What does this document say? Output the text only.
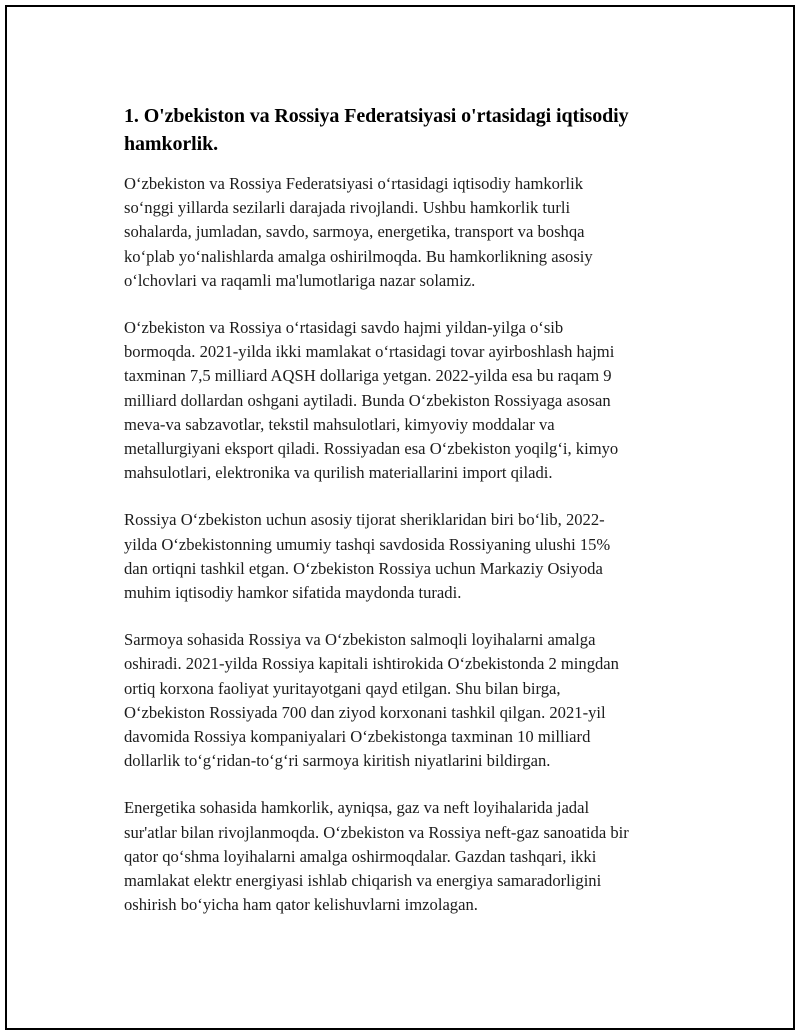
1. O'zbekiston va Rossiya Federatsiyasi o'rtasidagi iqtisodiy
hamkorlik.

O‘zbekiston va Rossiya Federatsiyasi o‘rtasidagi iqtisodiy hamkorlik
so‘nggi yillarda sezilarli darajada rivojlandi. Ushbu hamkorlik turli
sohalarda, jumladan, savdo, sarmoya, energetika, transport va boshqa
ko‘plab yo‘nalishlarda amalga oshirilmoqda. Bu hamkorlikning asosiy
o‘lchovlari va raqamli ma'lumotlariga nazar solamiz.

O‘zbekiston va Rossiya o‘rtasidagi savdo hajmi yildan-yilga o‘sib
bormoqda. 2021-yilda ikki mamlakat o‘rtasidagi tovar ayirboshlash hajmi
taxminan 7,5 milliard AQSH dollariga yetgan. 2022-yilda esa bu raqam 9
milliard dollardan oshgani aytiladi. Bunda O‘zbekiston Rossiyaga asosan
meva-va sabzavotlar, tekstil mahsulotlari, kimyoviy moddalar va
metallurgiyani eksport qiladi. Rossiyadan esa O‘zbekiston yoqilg‘i, kimyo
mahsulotlari, elektronika va qurilish materiallarini import qiladi.

Rossiya O‘zbekiston uchun asosiy tijorat sheriklaridan biri bo‘lib, 2022-
yilda O‘zbekistonning umumiy tashqi savdosida Rossiyaning ulushi 15%
dan ortiqni tashkil etgan. O‘zbekiston Rossiya uchun Markaziy Osiyoda
muhim iqtisodiy hamkor sifatida maydonda turadi.

Sarmoya sohasida Rossiya va O‘zbekiston salmoqli loyihalarni amalga
oshiradi. 2021-yilda Rossiya kapitali ishtirokida O‘zbekistonda 2 mingdan
ortiq korxona faoliyat yuritayotgani qayd etilgan. Shu bilan birga,
O‘zbekiston Rossiyada 700 dan ziyod korxonani tashkil qilgan. 2021-yil
davomida Rossiya kompaniyalari O‘zbekistonga taxminan 10 milliard
dollarlik to‘g‘ridan-to‘g‘ri sarmoya kiritish niyatlarini bildirgan.

Energetika sohasida hamkorlik, ayniqsa, gaz va neft loyihalarida jadal
sur'atlar bilan rivojlanmoqda. O‘zbekiston va Rossiya neft-gaz sanoatida bir
qator qo‘shma loyihalarni amalga oshirmoqdalar. Gazdan tashqari, ikki
mamlakat elektr energiyasi ishlab chiqarish va energiya samaradorligini
oshirish bo‘yicha ham qator kelishuvlarni imzolagan.
